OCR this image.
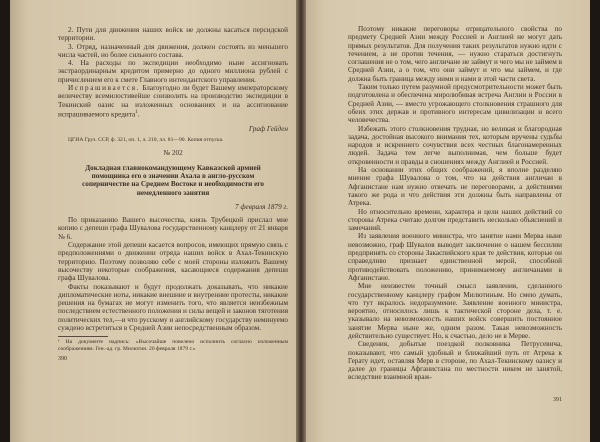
2. Пути для движения наших войск не должны касаться персидской территории.

3. Отряд, назначенный для движения, должен состоять из меньшего числа частей, но более сильного состава.

4. На расходы по экспедиции необходимо ныне ассигновать экстраординарным кредитом примерно до одного миллиона рублей с причислением его к смете Главного интендантского управления.

Испрашивается. Благоугодно ли будет Вашему императорскому величеству всемилостивейше соизволить на производство экспедиции в Текинский оазис на изложенных основаниях и на ассигнование испрашиваемого кредита$^1$.

Граф Гейден
ЦГИА Груз. ССР, ф. 321, оп. 1, л. 210, лл. 81—90. Копия отпуска.
№ 202
Докладная главнокомандующему Кавказской армией помощника его о значении Ахала в англо-русском соперничестве на Среднем Востоке и необходимости его немедленного занятия
7 февраля 1879 г.

По приказанию Вашего высочества, князь Трубецкой прислал мне копию с депеши графа Шувалова государственному канцлеру от 21 января № 6.

Содержание этой депеши касается вопросов, имеющих прямую связь с предположениями о движении отряда наших войск в Ахал-Текинскую территорию. Поэтому позволяю себе с моей стороны изложить Вашему высочеству некоторые соображения, касающиеся содержания депеши графа Шувалова.

Факты показывают и будут продолжать доказывать, что никакие дипломатические ноты, никакие внешние и внутренние протесты, никакие решения на бумагах не могут изменить того, что является неизбежным последствием естественного положения и силы вещей и законов тяготения политических тел,—и что русскому и английскому государству неминуемо суждено встретиться в Средней Азии непосредственным образом.

¹ На документе надпись: «Высочайше повелено исполнить согласно изложенным соображениям. Ген.-ад. гр. Милютин. 20 февраля 1879 г.»
390

Поэтому никакие переговоры отрицательного свойства по предмету Средней Азии между Россией и Англией не могут дать прямых результатов. Для получения таких результатов нужно идти с течением, а не против течения, — нужно стараться достигнуть соглашения не о том, чего англичане не займут и чего мы не займем в Средней Азии, а о том, что они займут и что мы займем, и где должна быть граница между ними и нами в этой части света.

Таким только путем разумной предусмотрительности может быть подготовлена и обеспечена миролюбивая встреча Англии и России в Средней Азии, — вместо угрожающего столкновения страшного для обеих этих держав и противного интересам цивилизации и всего человечества.

Избежать этого столкновения трудная, но великая и благородная задача, достойная высокого внимания тех, которым вручены судьбы народов и искреннего сочувствия всех честных благонамеренных людей. Задача тем легче выполнимая, чем больше будет откровенности и правды в сношениях между Англией и Россией.

На основании этих общих соображений, я вполне разделяю мнение графа Шувалова о том, что на действия англичан в Афганистане нам нужно отвечать не переговорами, а действиями такого же рода и что действия эти должны быть направлены от Атрека.

Но относительно времени, характера и цели наших действий со стороны Атрека считаю долгом представить несколько объяснений и замечаний.

Из заявления военного министра, что занятие нами Мерва ныне невозможно, граф Шувалов выводит заключение о нашем бессилии предпринять со стороны Закаспийского края те действия, которые он справедливо признает единственной мерой, способной противодействовать положению, принимаемому англичанами в Афганистане.

Мне неизвестен точный смысл заявления, сделанного государственному канцлеру графом Милютиным. Но смею думать, что тут вкралось недоразумение. Заявление военного министра, вероятно, относилось лишь к тактической стороне дела, т. е. указывало на невозможность наших войск совершить постоянное занятие Мерва ныне же, одним разом. Такая невозможность действительно существует. Но, к счастью, дело не в Мерве.

Сведения, добытые поездкой полковника Петрусевича, показывают, что самый удобный и ближайший путь от Атрека к Герату идет, оставляя Мерв в стороне, по Ахал-Текинскому оазису и далее до границы Афганистана по местности никем не занятой, вследствие взаимной враж-

391
